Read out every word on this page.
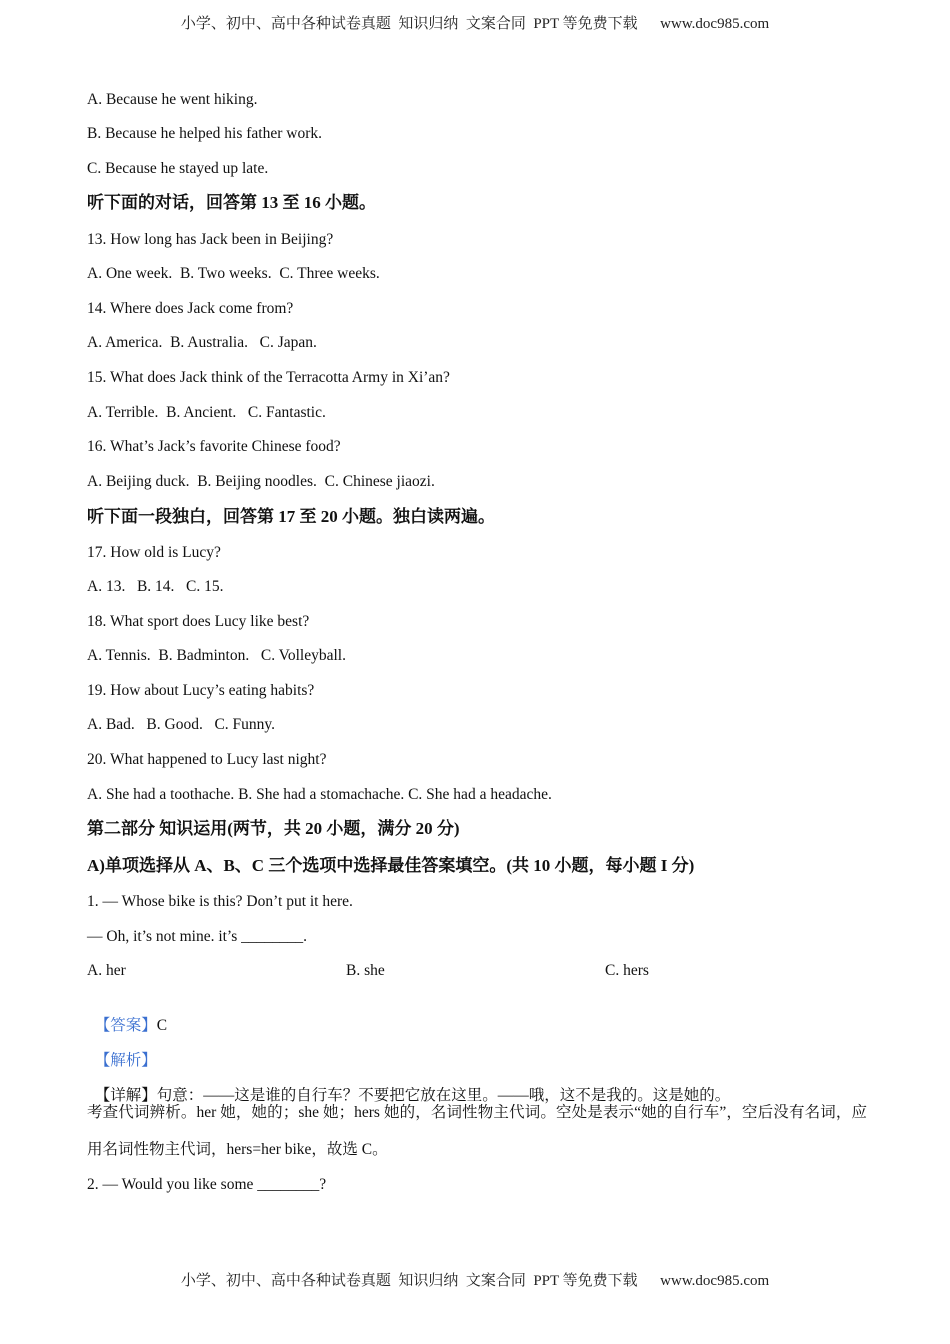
小学、初中、高中各种试卷真题  知识归纳  文案合同  PPT 等免费下载      www.doc985.com
A. Because he went hiking.
B. Because he helped his father work.
C. Because he stayed up late.
听下面的对话，回答第 13 至 16 小题。
13. How long has Jack been in Beijing?
A. One week.  B. Two weeks.  C. Three weeks.
14. Where does Jack come from?
A. America.  B. Australia.   C. Japan.
15. What does Jack think of the Terracotta Army in Xi’an?
A. Terrible.  B. Ancient.   C. Fantastic.
16. What’s Jack’s favorite Chinese food?
A. Beijing duck.  B. Beijing noodles.  C. Chinese jiaozi.
听下面一段独白，回答第 17 至 20 小题。独白读两遍。
17. How old is Lucy?
A. 13.   B. 14.   C. 15.
18. What sport does Lucy like best?
A. Tennis.  B. Badminton.   C. Volleyball.
19. How about Lucy’s eating habits?
A. Bad.   B. Good.   C. Funny.
20. What happened to Lucy last night?
A. She had a toothache. B. She had a stomachache. C. She had a headache.
第二部分 知识运用(两节，共 20 小题，满分 20 分)
A)单项选择从 A、B、C 三个选项中选择最佳答案填空。(共 10 小题，每小题 I 分)
1. — Whose bike is this? Don’t put it here.
— Oh, it’s not mine. it’s ________.
A. her	B. she	C. hers

【答案】C

【解析】

【详解】句意：——这是谁的自行车？不要把它放在这里。——哦，这不是我的。这是她的。

考查代词辨析。her 她，她的；she 她；hers 她的，名词性物主代词。空处是表示“她的自行车”，空后没有名词，应用名词性物主代词，hers=her bike，故选 C。
2. — Would you like some ________?
小学、初中、高中各种试卷真题  知识归纳  文案合同  PPT 等免费下载      www.doc985.com
